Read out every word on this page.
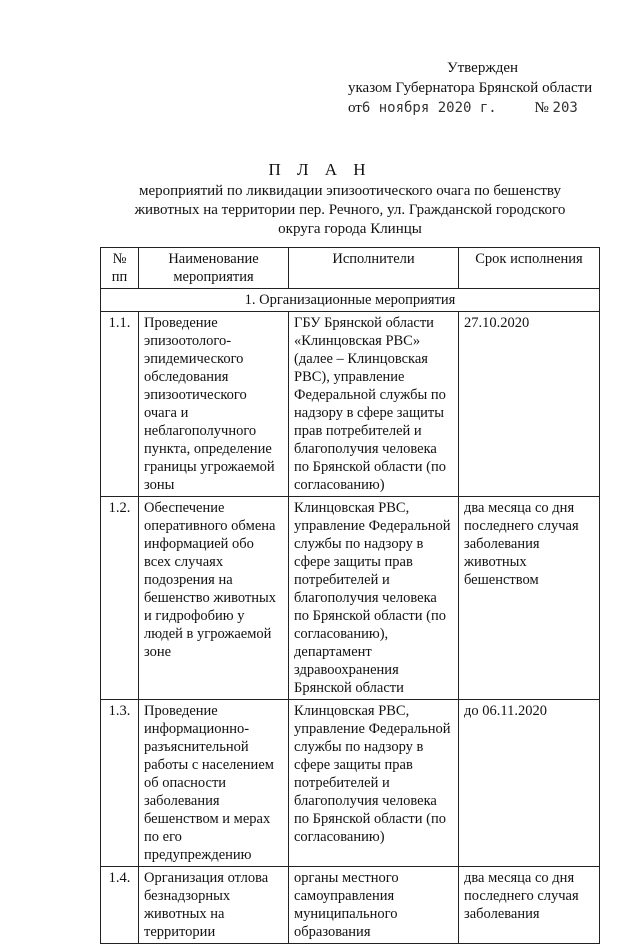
Утвержден
указом Губернатора Брянской области
от6 ноября 2020 г.	№ 203
П Л А Н
мероприятий по ликвидации эпизоотического очага по бешенству животных на территории пер. Речного, ул. Гражданской городского округа города Клинцы
№ пп	Наименование мероприятия	Исполнители	Срок исполнения
1. Организационные мероприятия			
1.1.	Проведение эпизоотолого-эпидемического обследования эпизоотического очага и неблагополучного пункта, определение границы угрожаемой зоны	ГБУ Брянской области «Клинцовская РВС» (далее – Клинцовская РВС), управление Федеральной службы по надзору в сфере защиты прав потребителей и благополучия человека по Брянской области (по согласованию)	27.10.2020
1.2.	Обеспечение оперативного обмена информацией обо всех случаях подозрения на бешенство животных и гидрофобию у людей в угрожаемой зоне	Клинцовская РВС, управление Федеральной службы по надзору в сфере защиты прав потребителей и благополучия человека по Брянской области (по согласованию), департамент здравоохранения Брянской области	два месяца со дня последнего случая заболевания животных бешенством
1.3.	Проведение информационно-разъяснительной работы с населением об опасности заболевания бешенством и мерах по его предупреждению	Клинцовская РВС, управление Федеральной службы по надзору в сфере защиты прав потребителей и благополучия человека по Брянской области (по согласованию)	до 06.11.2020
1.4.	Организация отлова безнадзорных животных на территории	органы местного самоуправления муниципального образования	два месяца со дня последнего случая заболевания
